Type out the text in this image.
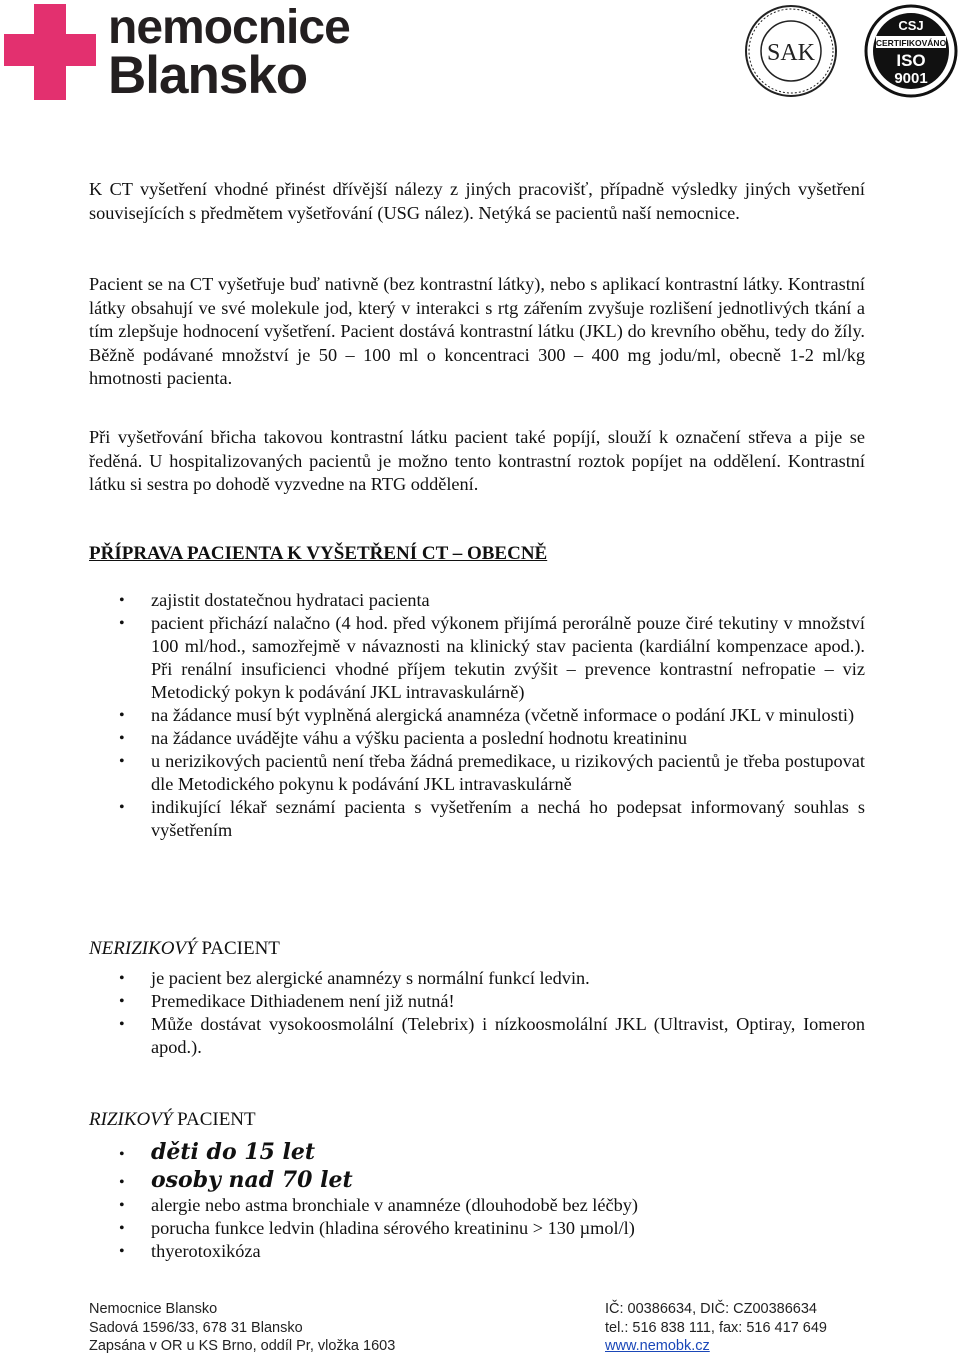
nemocnice
Blansko	SAK
CSJ
CERTIFIKOVÁNO
ISO
9001
K CT vyšetření vhodné přinést dřívější nálezy z jiných pracovišť, případně výsledky jiných vyšetření souvisejících s předmětem vyšetřování (USG nález). Netýká se pacientů naší nemocnice.
Pacient se na CT vyšetřuje buď nativně (bez kontrastní látky), nebo s aplikací kontrastní látky. Kontrastní látky obsahují ve své molekule jod, který v interakci s rtg zářením zvyšuje rozlišení jednotlivých tkání a tím zlepšuje hodnocení vyšetření. Pacient dostává kontrastní látku (JKL) do krevního oběhu, tedy do žíly. Běžně podávané množství je 50 – 100 ml o koncentraci 300 – 400 mg jodu/ml, obecně 1-2 ml/kg hmotnosti pacienta.
Při vyšetřování břicha takovou kontrastní látku pacient také popíjí, slouží k označení střeva a pije se ředěná. U hospitalizovaných pacientů je možno tento kontrastní roztok popíjet na oddělení. Kontrastní látku si sestra po dohodě vyzvedne na RTG oddělení.
PŘÍPRAVA PACIENTA K VYŠETŘENÍ CT – OBECNĚ
• zajistit dostatečnou hydrataci pacienta
• pacient přichází nalačno (4 hod. před výkonem přijímá perorálně pouze čiré tekutiny v množství 100 ml/hod., samozřejmě v návaznosti na klinický stav pacienta (kardiální kompenzace apod.). Při renální insuficienci vhodné příjem tekutin zvýšit – prevence kontrastní nefropatie – viz Metodický pokyn k podávání JKL intravaskulárně)
• na žádance musí být vyplněná alergická anamnéza (včetně informace o podání JKL v minulosti)
• na žádance uvádějte váhu a výšku pacienta a poslední hodnotu kreatininu
• u nerizikových pacientů není třeba žádná premedikace, u rizikových pacientů je třeba postupovat dle Metodického pokynu k podávání JKL intravaskulárně
• indikující lékař seznámí pacienta s vyšetřením a nechá ho podepsat informovaný souhlas s vyšetřením
NERIZIKOVÝ PACIENT
• je pacient bez alergické anamnézy s normální funkcí ledvin.
• Premedikace Dithiadenem není již nutná!
• Může dostávat vysokoosmolální (Telebrix) i nízkoosmolální JKL (Ultravist, Optiray, Iomeron apod.).
RIZIKOVÝ PACIENT
• děti do 15 let
• osoby nad 70 let
• alergie nebo astma bronchiale v anamnéze (dlouhodobě bez léčby)
• porucha funkce ledvin (hladina sérového kreatininu > 130 µmol/l)
• thyerotoxikóza
Nemocnice Blansko
Sadová 1596/33, 678 31 Blansko
Zapsána v OR u KS Brno, oddíl Pr, vložka 1603
IČ: 00386634, DIČ: CZ00386634
tel.: 516 838 111, fax: 516 417 649
www.nemobk.cz
